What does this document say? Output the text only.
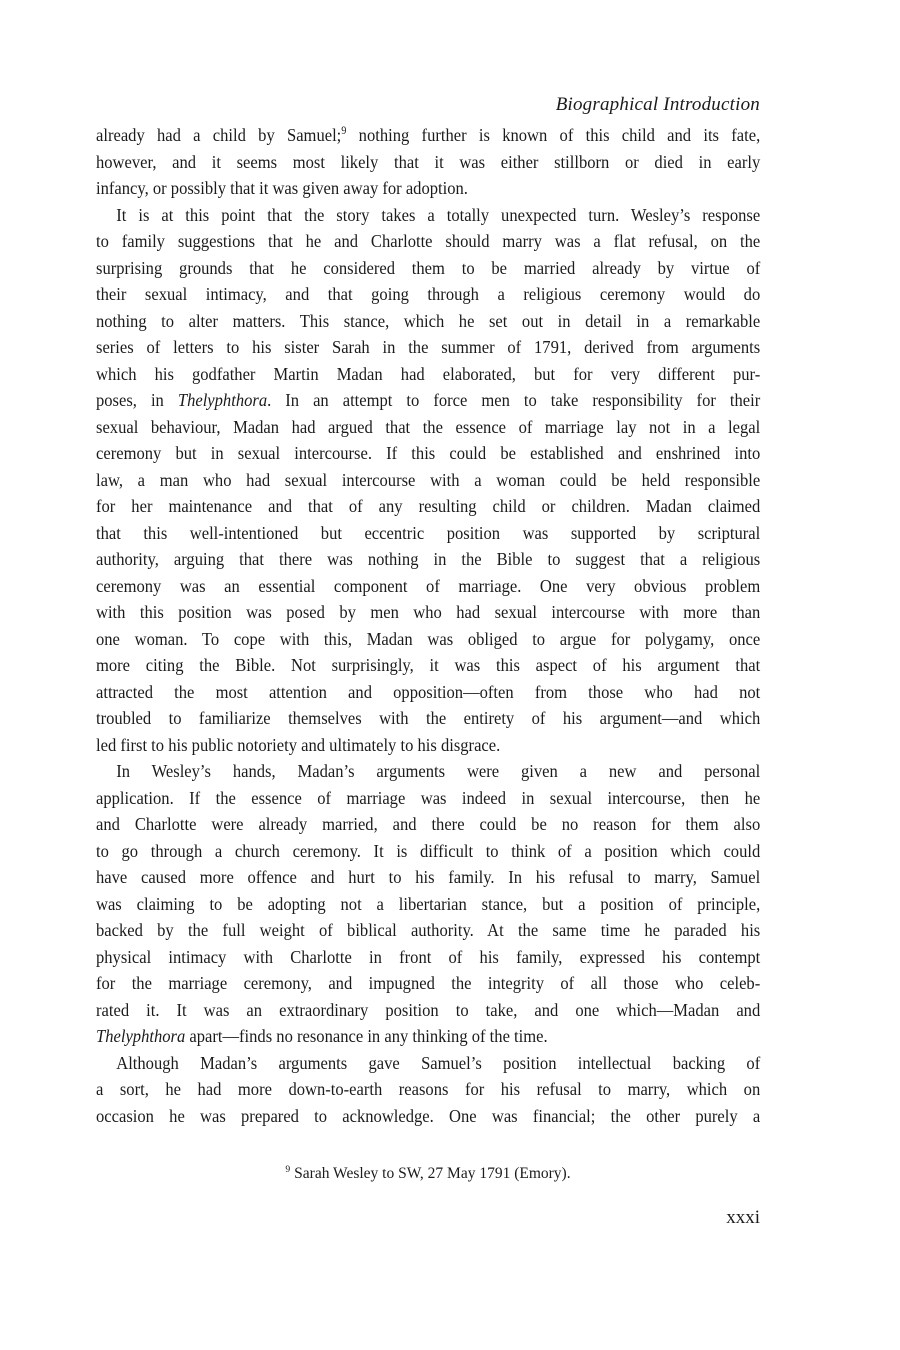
Biographical Introduction
already had a child by Samuel;$^9$ nothing further is known of this child and its fate,
however, and it seems most likely that it was either stillborn or died in early
infancy, or possibly that it was given away for adoption.
It is at this point that the story takes a totally unexpected turn. Wesley’s response
to family suggestions that he and Charlotte should marry was a flat refusal, on the
surprising grounds that he considered them to be married already by virtue of
their sexual intimacy, and that going through a religious ceremony would do
nothing to alter matters. This stance, which he set out in detail in a remarkable
series of letters to his sister Sarah in the summer of 1791, derived from arguments
which his godfather Martin Madan had elaborated, but for very different pur-
poses, in Thelyphthora. In an attempt to force men to take responsibility for their
sexual behaviour, Madan had argued that the essence of marriage lay not in a legal
ceremony but in sexual intercourse. If this could be established and enshrined into
law, a man who had sexual intercourse with a woman could be held responsible
for her maintenance and that of any resulting child or children. Madan claimed
that this well-intentioned but eccentric position was supported by scriptural
authority, arguing that there was nothing in the Bible to suggest that a religious
ceremony was an essential component of marriage. One very obvious problem
with this position was posed by men who had sexual intercourse with more than
one woman. To cope with this, Madan was obliged to argue for polygamy, once
more citing the Bible. Not surprisingly, it was this aspect of his argument that
attracted the most attention and opposition—often from those who had not
troubled to familiarize themselves with the entirety of his argument—and which
led first to his public notoriety and ultimately to his disgrace.
In Wesley’s hands, Madan’s arguments were given a new and personal
application. If the essence of marriage was indeed in sexual intercourse, then he
and Charlotte were already married, and there could be no reason for them also
to go through a church ceremony. It is difficult to think of a position which could
have caused more offence and hurt to his family. In his refusal to marry, Samuel
was claiming to be adopting not a libertarian stance, but a position of principle,
backed by the full weight of biblical authority. At the same time he paraded his
physical intimacy with Charlotte in front of his family, expressed his contempt
for the marriage ceremony, and impugned the integrity of all those who celeb-
rated it. It was an extraordinary position to take, and one which—Madan and
Thelyphthora apart—finds no resonance in any thinking of the time.
Although Madan’s arguments gave Samuel’s position intellectual backing of
a sort, he had more down-to-earth reasons for his refusal to marry, which on
occasion he was prepared to acknowledge. One was financial; the other purely a
$^9$ Sarah Wesley to SW, 27 May 1791 (Emory).
xxxi
